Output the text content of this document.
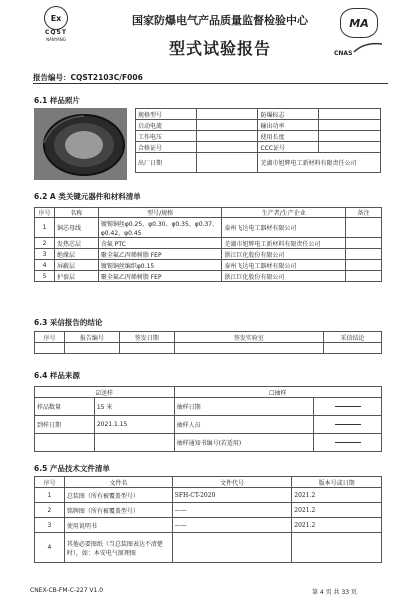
Ex
CQST
NANYANG
国家防爆电气产品质量监督检验中心
型式试验报告
MA
CNAS
报告编号：CQST2103C/F006
6.1 样品照片
规格型号		防爆标志	
启动电流		输出功率	
工作电压		使用长度	
合格证号		CCC证号	
出厂日期		芜湖市旭辉电工新材料有限责任公司	
6.2 A 类关键元器件和材料清单
序号	名称	型号/规格	生产者/生产企业	备注
1	铜芯母线	镀锡铜丝φ0.25、φ0.30、φ0.35、φ0.37、φ0.42、φ0.45	泰州飞达电工器材有限公司	
2	发热芯层	含氟 PTC	芜湖市旭辉电工新材料有限责任公司	
3	绝缘层	聚全氟乙丙烯树脂 FEP	浙江巨化股份有限公司	
4	屏蔽层	镀锡铜丝编织φ0.15	泰州飞达电工器材有限公司	
5	护套层	聚全氟乙丙烯树脂 FEP	浙江巨化股份有限公司	
6.3 采信报告的结论
序号	报告编号	签发日期	签发实验室	采信结论

6.4 样品来源
☑送样		☐抽样	
样品数量	15 米	抽样日期	
到样日期	2021.1.15	抽样人员	
		抽样通知书编号(若适用)	
6.5 产品技术文件清单
序号	文件名	文件代号	版本号或日期
1	总装图（所有被覆盖型号）	SFH-CT-2020	2021.2
2	铭牌图（所有被覆盖型号）	——	2021.2
3	使用说明书	——	2021.2
4	其他必要图纸（当总装图表达不清楚时），如：本安电气原理图		
CNEX-CB-FM-C-227 V1.0	第 4 页 共 33 页
